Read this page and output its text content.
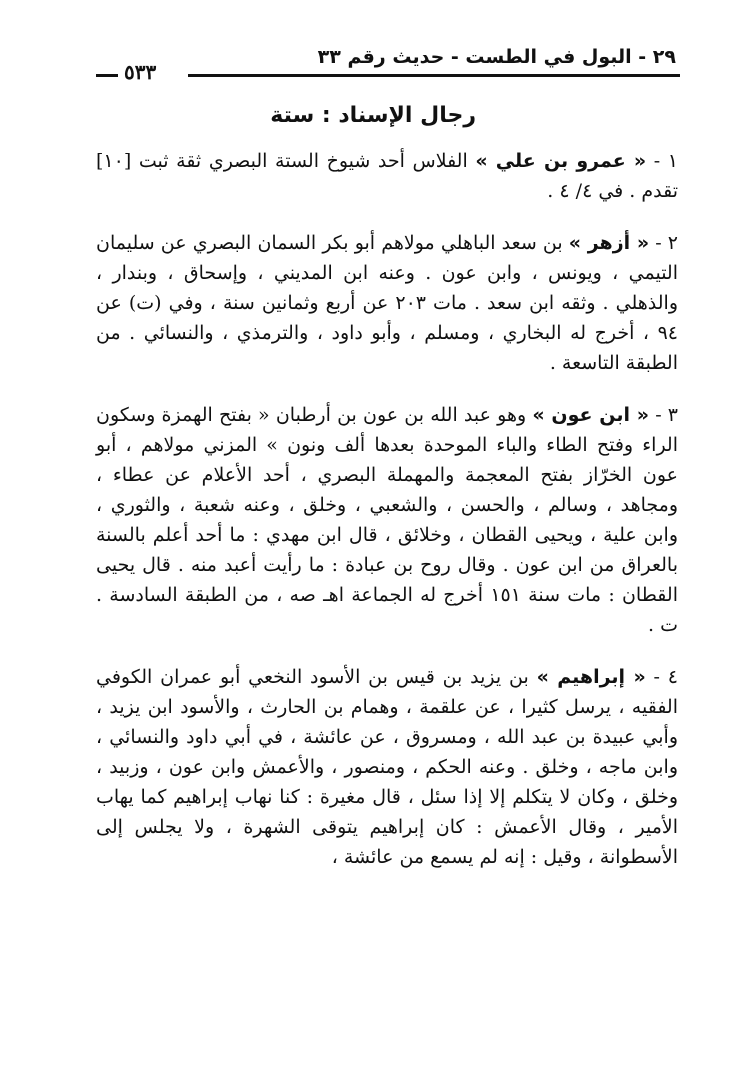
٢٩ - البول في الطست - حديث رقم ٣٣
٥٣٣
رجال الإسناد : ستة

١ - « عمرو بن علي » الفلاس أحد شيوخ الستة البصري ثقة ثبت [١٠] تقدم . في ٤/ ٤ .

٢ - « أزهر » بن سعد الباهلي مولاهم أبو بكر السمان البصري عن سليمان التيمي ، ويونس ، وابن عون . وعنه ابن المديني ، وإسحاق ، وبندار ، والذهلي . وثقه ابن سعد . مات ٢٠٣ عن أربع وثمانين سنة ، وفي (ت) عن ٩٤ ، أخرج له البخاري ، ومسلم ، وأبو داود ، والترمذي ، والنسائي . من الطبقة التاسعة .

٣ - « ابن عون » وهو عبد الله بن عون بن أرطبان « بفتح الهمزة وسكون الراء وفتح الطاء والباء الموحدة بعدها ألف ونون » المزني مولاهم ، أبو عون الخرّاز بفتح المعجمة والمهملة البصري ، أحد الأعلام عن عطاء ، ومجاهد ، وسالم ، والحسن ، والشعبي ، وخلق ، وعنه شعبة ، والثوري ، وابن علية ، ويحيى القطان ، وخلائق ، قال ابن مهدي : ما أحد أعلم بالسنة بالعراق من ابن عون . وقال روح بن عبادة : ما رأيت أعبد منه . قال يحيى القطان : مات سنة ١٥١ أخرج له الجماعة اهـ صه ، من الطبقة السادسة . ت .

٤ - « إبراهيم » بن يزيد بن قيس بن الأسود النخعي أبو عمران الكوفي الفقيه ، يرسل كثيرا ، عن علقمة ، وهمام بن الحارث ، والأسود ابن يزيد ، وأبي عبيدة بن عبد الله ، ومسروق ، عن عائشة ، في أبي داود والنسائي ، وابن ماجه ، وخلق . وعنه الحكم ، ومنصور ، والأعمش وابن عون ، وزبيد ، وخلق ، وكان لا يتكلم إلا إذا سئل ، قال مغيرة : كنا نهاب إبراهيم كما يهاب الأمير ، وقال الأعمش : كان إبراهيم يتوقى الشهرة ، ولا يجلس إلى الأسطوانة ، وقيل : إنه لم يسمع من عائشة ،
